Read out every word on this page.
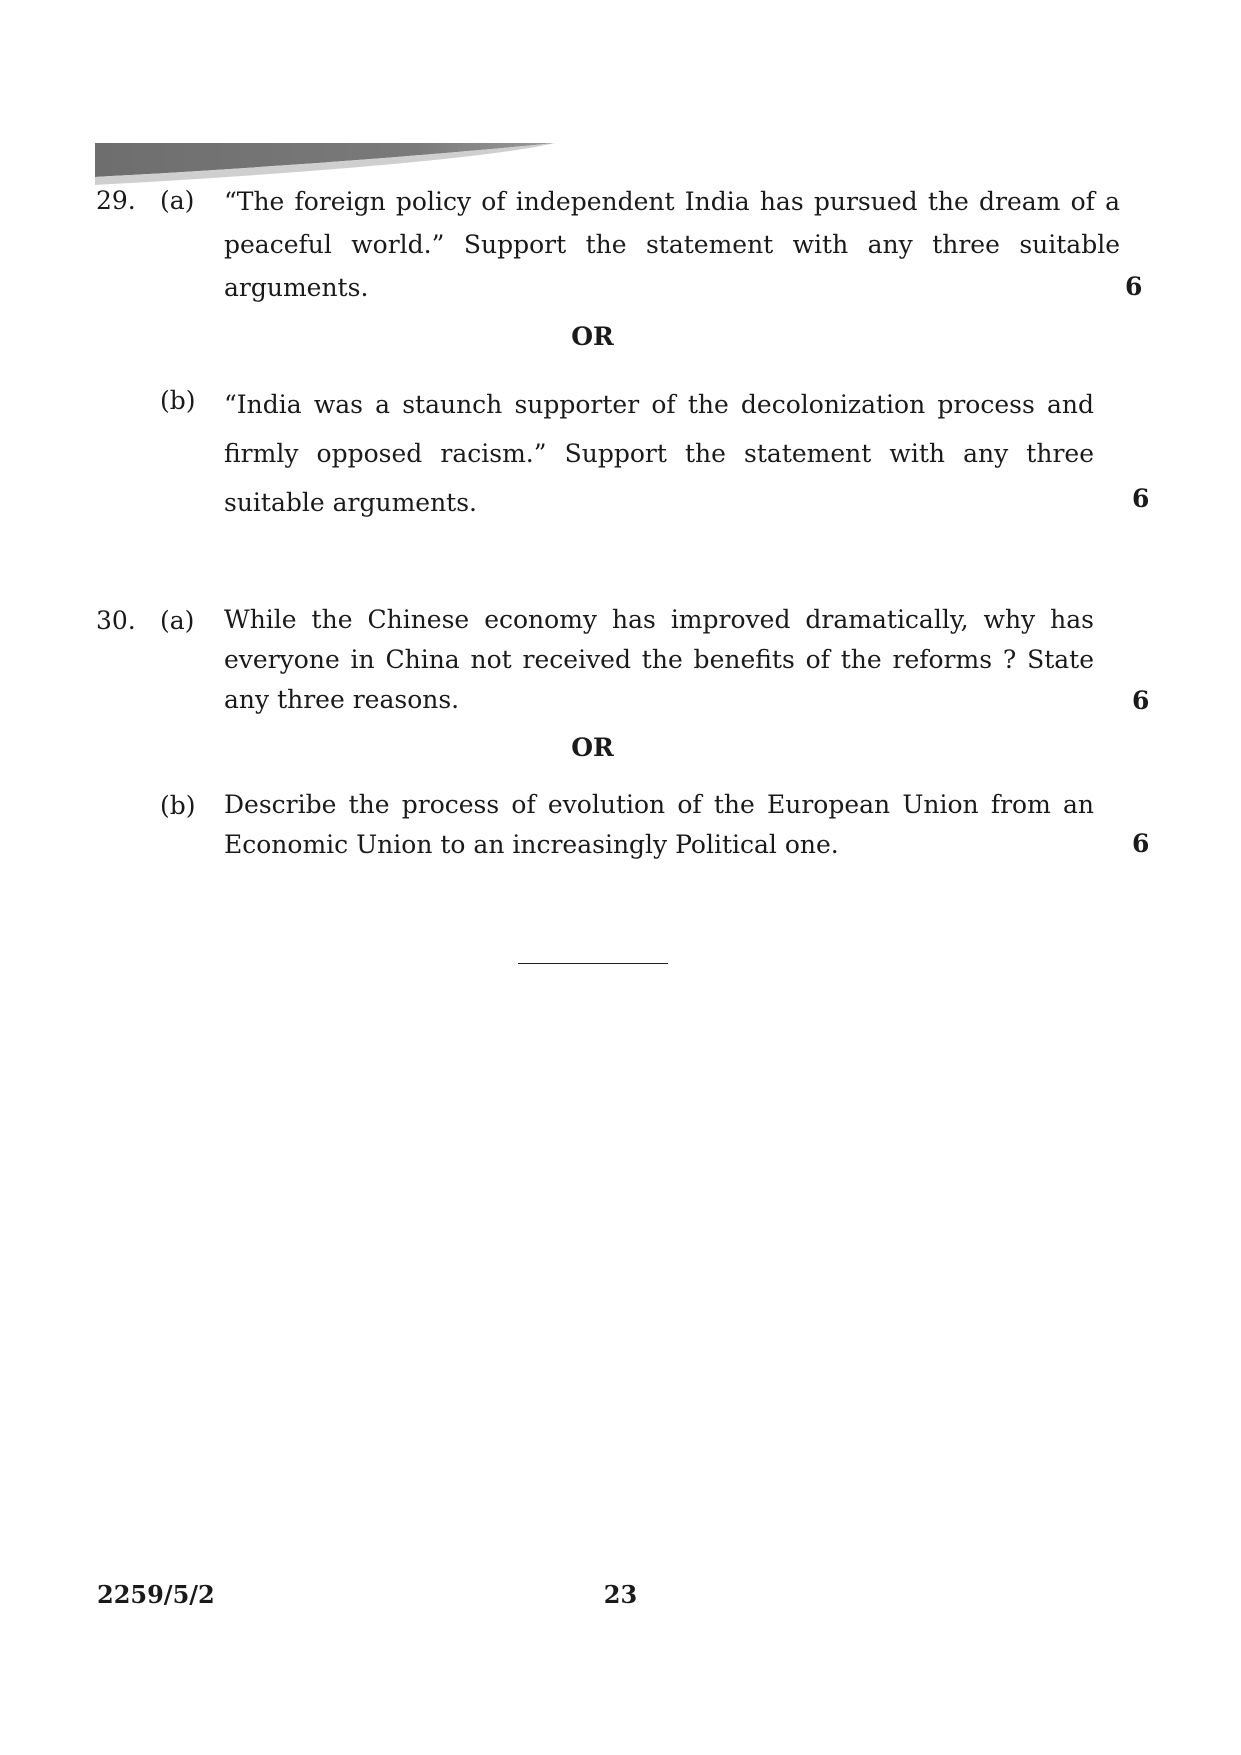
29. (a)	“The foreign policy of independent India has pursued the dream of a peaceful world.” Support the statement with any three suitable arguments.	6
OR
(b)	“India was a staunch supporter of the decolonization process and firmly opposed racism.” Support the statement with any three suitable arguments.	6
30. (a)	While the Chinese economy has improved dramatically, why has everyone in China not received the benefits of the reforms ? State any three reasons.	6
OR
(b)	Describe the process of evolution of the European Union from an Economic Union to an increasingly Political one.	6
2259/5/2	23
